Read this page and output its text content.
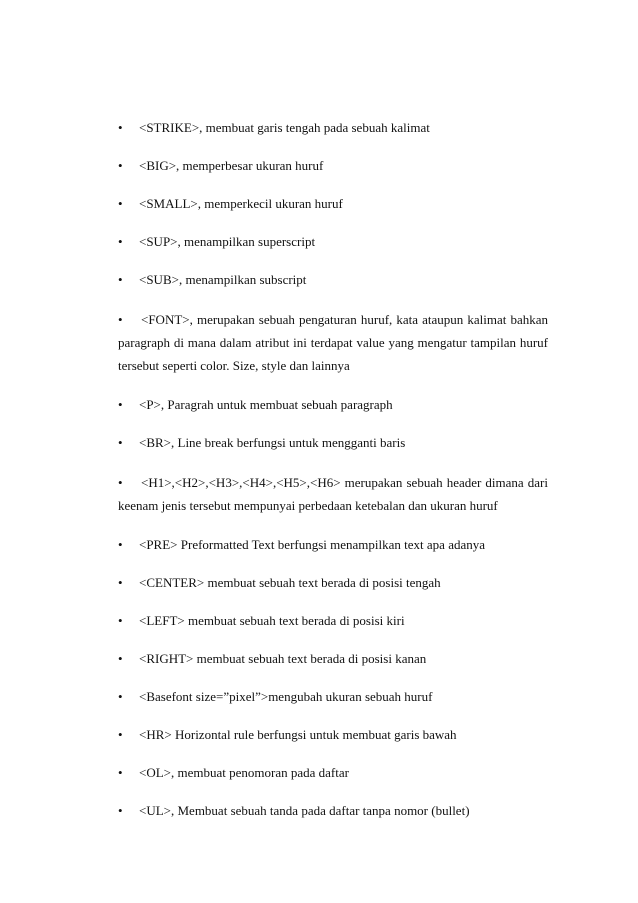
• <STRIKE>, membuat garis tengah pada sebuah kalimat

• <BIG>, memperbesar ukuran huruf

• <SMALL>, memperkecil ukuran huruf

• <SUP>, menampilkan superscript

• <SUB>, menampilkan subscript

• <FONT>, merupakan sebuah pengaturan huruf, kata ataupun kalimat bahkan paragraph di mana dalam atribut ini terdapat value yang mengatur tampilan huruf tersebut seperti color. Size, style dan lainnya

• <P>, Paragrah untuk membuat sebuah paragraph

• <BR>, Line break berfungsi untuk mengganti baris

• <H1>,<H2>,<H3>,<H4>,<H5>,<H6> merupakan sebuah header dimana dari keenam jenis tersebut mempunyai perbedaan ketebalan dan ukuran huruf

• <PRE> Preformatted Text berfungsi menampilkan text apa adanya

• <CENTER> membuat sebuah text berada di posisi tengah

• <LEFT> membuat sebuah text berada di posisi kiri

• <RIGHT> membuat sebuah text berada di posisi kanan

• <Basefont size=”pixel”>mengubah ukuran sebuah huruf

• <HR> Horizontal rule berfungsi untuk membuat garis bawah

• <OL>, membuat penomoran pada daftar

• <UL>, Membuat sebuah tanda pada daftar tanpa nomor (bullet)
